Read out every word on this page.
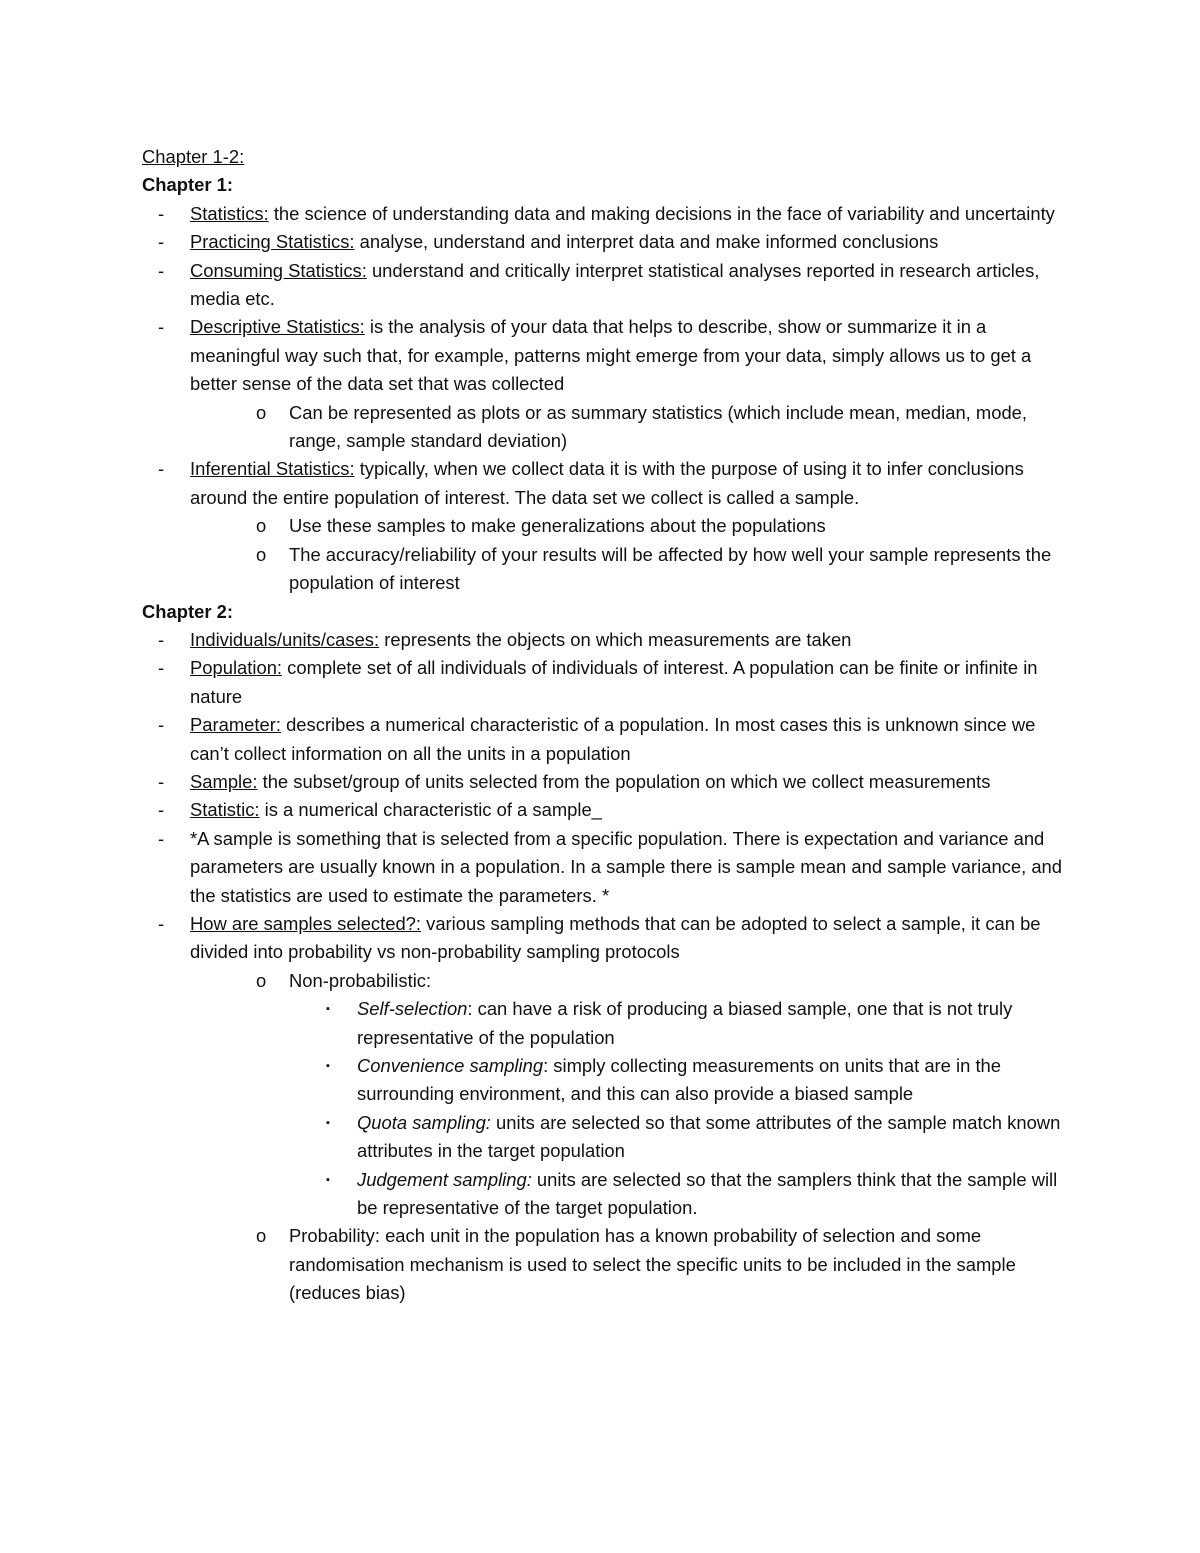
Chapter 1-2:
Chapter 1:
- Statistics: the science of understanding data and making decisions in the face of variability and uncertainty
- Practicing Statistics: analyse, understand and interpret data and make informed conclusions
- Consuming Statistics: understand and critically interpret statistical analyses reported in research articles, media etc.
- Descriptive Statistics: is the analysis of your data that helps to describe, show or summarize it in a meaningful way such that, for example, patterns might emerge from your data, simply allows us to get a better sense of the data set that was collected
o Can be represented as plots or as summary statistics (which include mean, median, mode, range, sample standard deviation)
- Inferential Statistics: typically, when we collect data it is with the purpose of using it to infer conclusions around the entire population of interest. The data set we collect is called a sample.
o Use these samples to make generalizations about the populations
o The accuracy/reliability of your results will be affected by how well your sample represents the population of interest
Chapter 2:
- Individuals/units/cases: represents the objects on which measurements are taken
- Population: complete set of all individuals of individuals of interest. A population can be finite or infinite in nature
- Parameter: describes a numerical characteristic of a population. In most cases this is unknown since we can’t collect information on all the units in a population
- Sample: the subset/group of units selected from the population on which we collect measurements
- Statistic: is a numerical characteristic of a sample_
- *A sample is something that is selected from a specific population. There is expectation and variance and parameters are usually known in a population. In a sample there is sample mean and sample variance, and the statistics are used to estimate the parameters. *
- How are samples selected?: various sampling methods that can be adopted to select a sample, it can be divided into probability vs non-probability sampling protocols
o Non-probabilistic:
▪ Self-selection: can have a risk of producing a biased sample, one that is not truly representative of the population
▪ Convenience sampling: simply collecting measurements on units that are in the surrounding environment, and this can also provide a biased sample
▪ Quota sampling: units are selected so that some attributes of the sample match known attributes in the target population
▪ Judgement sampling: units are selected so that the samplers think that the sample will be representative of the target population.
o Probability: each unit in the population has a known probability of selection and some randomisation mechanism is used to select the specific units to be included in the sample (reduces bias)
